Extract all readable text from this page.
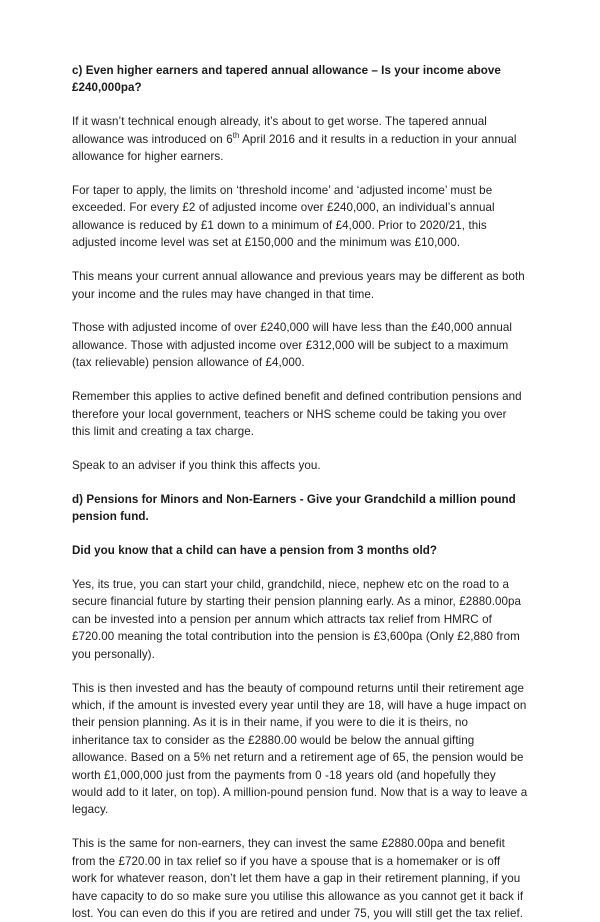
c) Even higher earners and tapered annual allowance – Is your income above £240,000pa?

If it wasn’t technical enough already, it’s about to get worse. The tapered annual allowance was introduced on 6th April 2016 and it results in a reduction in your annual allowance for higher earners.

For taper to apply, the limits on ‘threshold income’ and ‘adjusted income’ must be exceeded. For every £2 of adjusted income over £240,000, an individual’s annual allowance is reduced by £1 down to a minimum of £4,000. Prior to 2020/21, this adjusted income level was set at £150,000 and the minimum was £10,000.

This means your current annual allowance and previous years may be different as both your income and the rules may have changed in that time.

Those with adjusted income of over £240,000 will have less than the £40,000 annual allowance. Those with adjusted income over £312,000 will be subject to a maximum (tax relievable) pension allowance of £4,000.

Remember this applies to active defined benefit and defined contribution pensions and therefore your local government, teachers or NHS scheme could be taking you over this limit and creating a tax charge.

Speak to an adviser if you think this affects you.

d) Pensions for Minors and Non-Earners - Give your Grandchild a million pound pension fund.

Did you know that a child can have a pension from 3 months old?

Yes, its true, you can start your child, grandchild, niece, nephew etc on the road to a secure financial future by starting their pension planning early. As a minor, £2880.00pa can be invested into a pension per annum which attracts tax relief from HMRC of £720.00 meaning the total contribution into the pension is £3,600pa (Only £2,880 from you personally).

This is then invested and has the beauty of compound returns until their retirement age which, if the amount is invested every year until they are 18, will have a huge impact on their pension planning. As it is in their name, if you were to die it is theirs, no inheritance tax to consider as the £2880.00 would be below the annual gifting allowance. Based on a 5% net return and a retirement age of 65, the pension would be worth £1,000,000 just from the payments from 0 -18 years old (and hopefully they would add to it later, on top). A million-pound pension fund. Now that is a way to leave a legacy.

This is the same for non-earners, they can invest the same £2880.00pa and benefit from the £720.00 in tax relief so if you have a spouse that is a homemaker or is off work for whatever reason, don’t let them have a gap in their retirement planning, if you have capacity to do so make sure you utilise this allowance as you cannot get it back if lost. You can even do this if you are retired and under 75, you will still get the tax relief.
